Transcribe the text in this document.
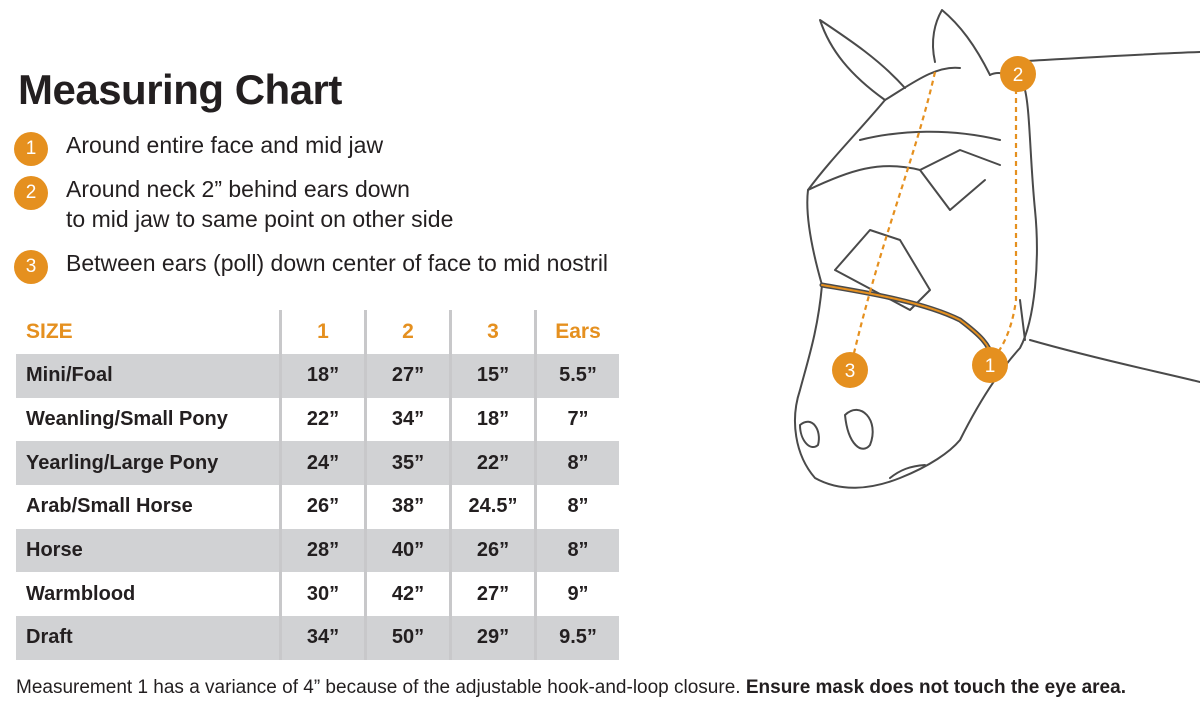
Measuring Chart
1	Around entire face and mid jaw
2	Around neck 2” behind ears down
to mid jaw to same point on other side
3	Between ears (poll) down center of face to mid nostril
SIZE	1	2	3	Ears
Mini/Foal	18”	27”	15”	5.5”
Weanling/Small Pony	22”	34”	18”	7”
Yearling/Large Pony	24”	35”	22”	8”
Arab/Small Horse	26”	38”	24.5”	8”
Horse	28”	40”	26”	8”
Warmblood	30”	42”	27”	9”
Draft	34”	50”	29”	9.5”
Measurement 1 has a variance of 4” because of the adjustable hook-and-loop closure. Ensure mask does not touch the eye area.
1
2
3
